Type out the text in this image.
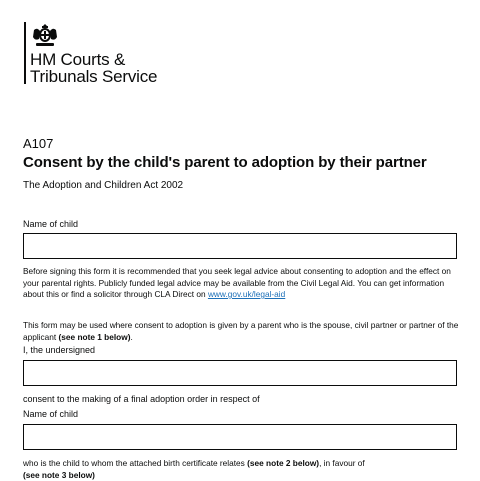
HM Courts &
Tribunals Service
A107
Consent by the child's parent to adoption by their partner
The Adoption and Children Act 2002
Name of child
Before signing this form it is recommended that you seek legal advice about consenting to adoption and the effect on your parental rights. Publicly funded legal advice may be available from the Civil Legal Aid. You can get information about this or find a solicitor through CLA Direct on www.gov.uk/legal-aid
This form may be used where consent to adoption is given by a parent who is the spouse, civil partner or partner of the applicant (see note 1 below).
I, the undersigned
consent to the making of a final adoption order in respect of
Name of child
who is the child to whom the attached birth certificate relates (see note 2 below), in favour of
(see note 3 below)
